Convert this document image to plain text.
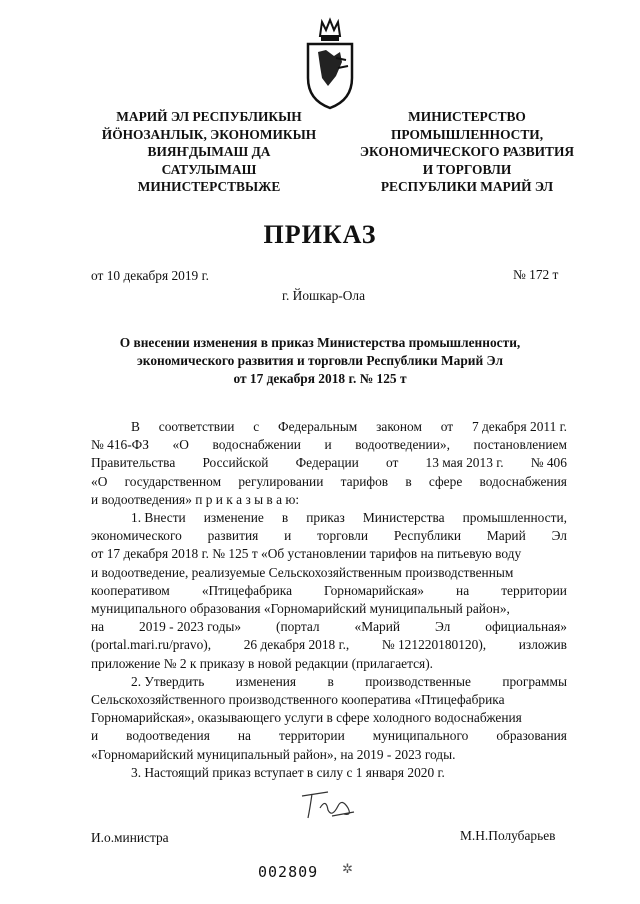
МАРИЙ ЭЛ РЕСПУБЛИКЫН
ЙÖНОЗАНЛЫК, ЭКОНОМИКЫН
ВИЯҤДЫМАШ ДА
САТУЛЫМАШ
МИНИСТЕРСТВЫЖЕ
МИНИСТЕРСТВО
ПРОМЫШЛЕННОСТИ,
ЭКОНОМИЧЕСКОГО РАЗВИТИЯ
И ТОРГОВЛИ
РЕСПУБЛИКИ МАРИЙ ЭЛ
ПРИКАЗ
от 10 декабря 2019 г.	№ 172 т
г. Йошкар-Ола
О внесении изменения в приказ Министерства промышленности,
экономического развития и торговли Республики Марий Эл
от 17 декабря 2018 г. № 125 т
В соответствии с Федеральным законом от 7 декабря 2011 г.
№ 416-ФЗ «О водоснабжении и водоотведении», постановлением
Правительства Российской Федерации от 13 мая 2013 г. № 406
«О государственном регулировании тарифов в сфере водоснабжения
и водоотведения» п р и к а з ы в а ю:
1. Внести изменение в приказ Министерства промышленности,
экономического развития и торговли Республики Марий Эл
от 17 декабря 2018 г. № 125 т «Об установлении тарифов на питьевую воду
и водоотведение, реализуемые Сельскохозяйственным производственным
кооперативом «Птицефабрика Горномарийская» на территории
муниципального образования «Горномарийский муниципальный район»,
на	2019 - 2023 годы»	(портал	«Марий	Эл	официальная»
(portal.mari.ru/pravo), 26 декабря 2018 г., № 121220180120), изложив
приложение № 2 к приказу в новой редакции (прилагается).
2. Утвердить изменения в производственные программы
Сельскохозяйственного производственного кооператива «Птицефабрика
Горномарийская», оказывающего услуги в сфере холодного водоснабжения
и водоотведения на территории муниципального образования
«Горномарийский муниципальный район», на 2019 - 2023 годы.
3. Настоящий приказ вступает в силу с 1 января 2020 г.
И.о.министра	М.Н.Полубарьев
002809 ✲
